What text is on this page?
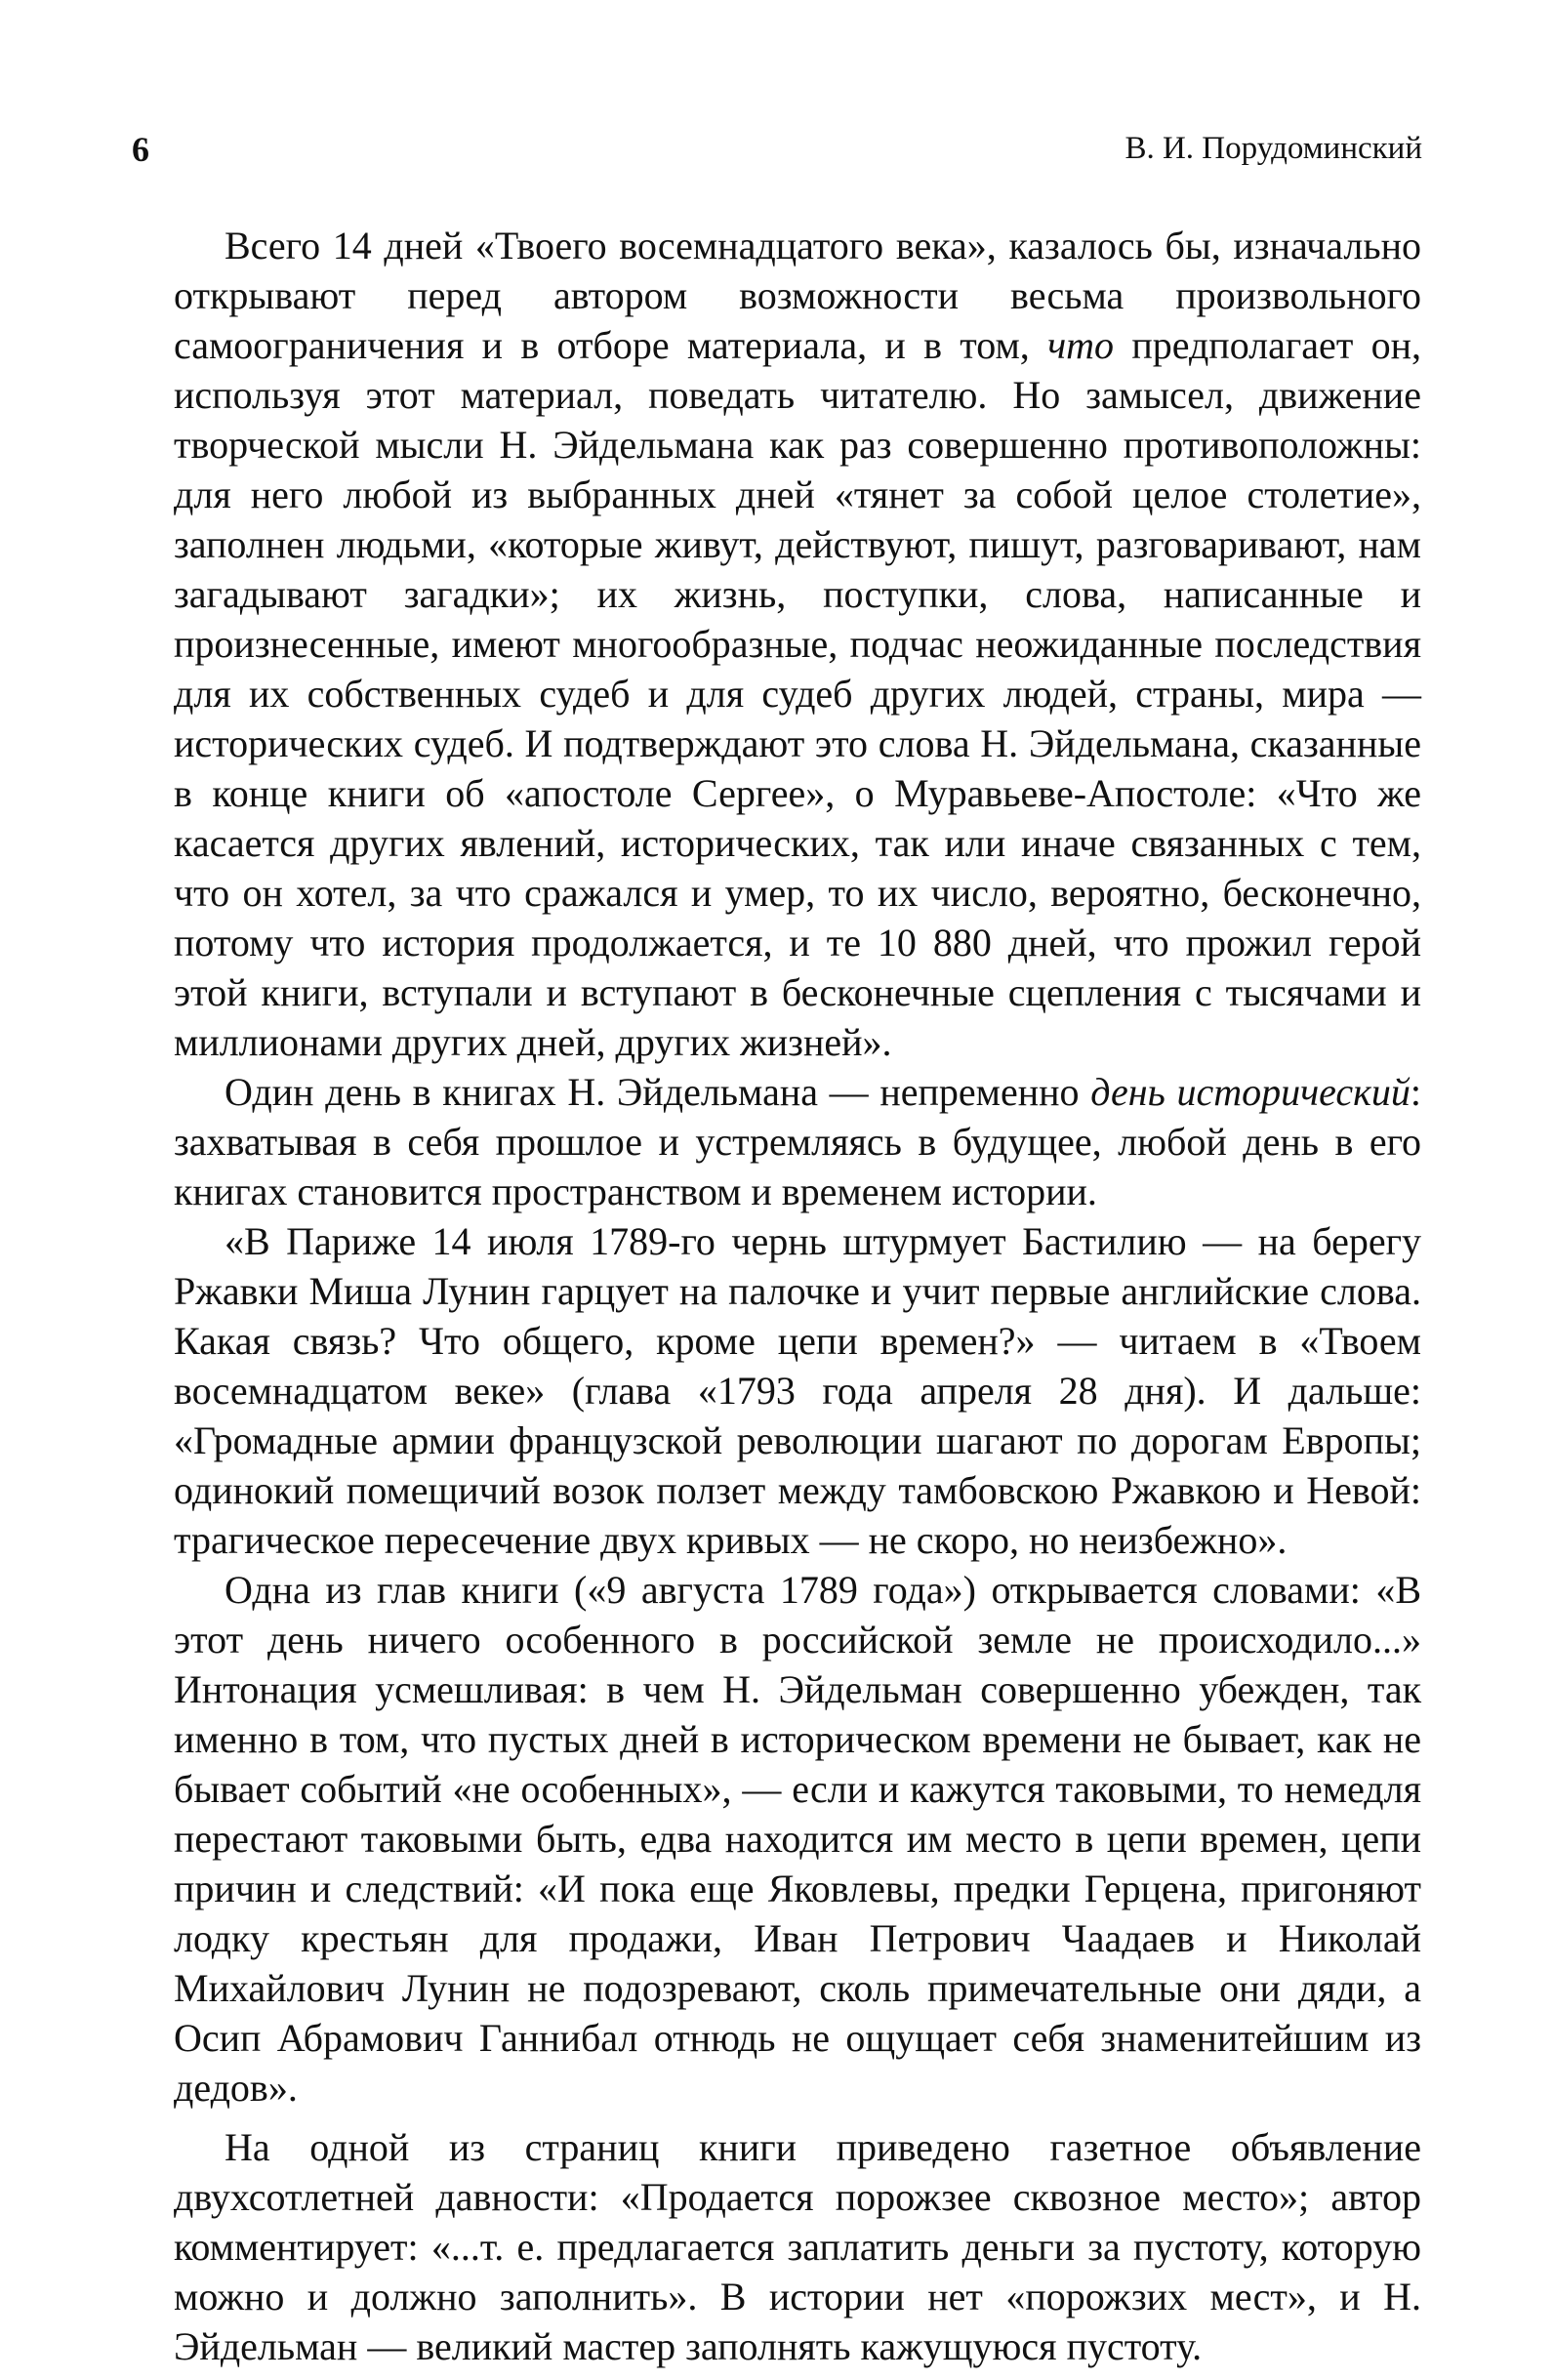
6	В. И. Порудоминский

Всего 14 дней «Твоего восемнадцатого века», казалось бы, изначально открывают перед автором возможности весьма произвольного самоограничения и в отборе материала, и в том, что предполагает он, используя этот материал, поведать читателю. Но замысел, движение творческой мысли Н. Эйдельмана как раз совершенно противоположны: для него любой из выбранных дней «тянет за собой целое столетие», заполнен людьми, «которые живут, действуют, пишут, разговаривают, нам загадывают загадки»; их жизнь, поступки, слова, написанные и произнесенные, имеют многообразные, подчас неожиданные последствия для их собственных судеб и для судеб других людей, страны, мира — исторических судеб. И подтверждают это слова Н. Эйдельмана, сказанные в конце книги об «апостоле Сергее», о Муравьеве-Апостоле: «Что же касается других явлений, исторических, так или иначе связанных с тем, что он хотел, за что сражался и умер, то их число, вероятно, бесконечно, потому что история продолжается, и те 10 880 дней, что прожил герой этой книги, вступали и вступают в бесконечные сцепления с тысячами и миллионами других дней, других жизней».

Один день в книгах Н. Эйдельмана — непременно день исторический: захватывая в себя прошлое и устремляясь в будущее, любой день в его книгах становится пространством и временем истории.

«В Париже 14 июля 1789-го чернь штурмует Бастилию — на берегу Ржавки Миша Лунин гарцует на палочке и учит первые английские слова. Какая связь? Что общего, кроме цепи времен?» — читаем в «Твоем восемнадцатом веке» (глава «1793 года апреля 28 дня). И дальше: «Громадные армии французской революции шагают по дорогам Европы; одинокий помещичий возок ползет между тамбовскою Ржавкою и Невой: трагическое пересечение двух кривых — не скоро, но неизбежно».

Одна из глав книги («9 августа 1789 года») открывается словами: «В этот день ничего особенного в российской земле не происходило...» Интонация усмешливая: в чем Н. Эйдельман совершенно убежден, так именно в том, что пустых дней в историческом времени не бывает, как не бывает событий «не особенных», — если и кажутся таковыми, то немедля перестают таковыми быть, едва находится им место в цепи времен, цепи причин и следствий: «И пока еще Яковлевы, предки Герцена, пригоняют лодку крестьян для продажи, Иван Петрович Чаадаев и Николай Михайлович Лунин не подозревают, сколь примечательные они дяди, а Осип Абрамович Ганнибал отнюдь не ощущает себя знаменитейшим из дедов».

На одной из страниц книги приведено газетное объявление двухсотлетней давности: «Продается порожзее сквозное место»; автор комментирует: «...т. е. предлагается заплатить деньги за пустоту, которую можно и должно заполнить». В истории нет «порожзих мест», и Н. Эйдельман — великий мастер заполнять кажущуюся пустоту.
